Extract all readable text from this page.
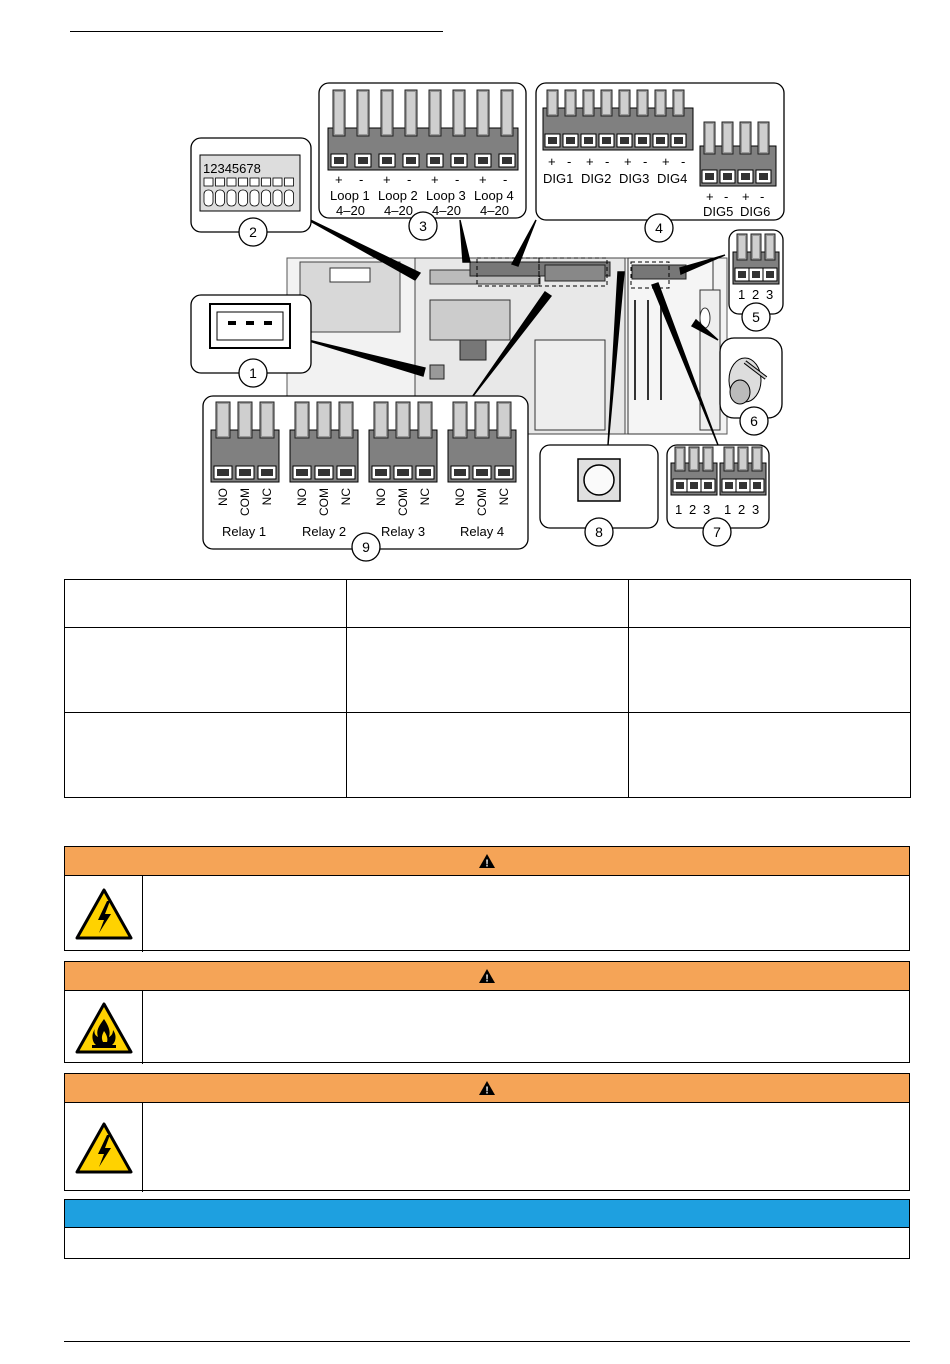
12345678
+ - + - + - + -
Loop 1 Loop 2 Loop 3 Loop 4
4–20 4–20 4–20 4–20
+ - + - + - + -
DIG1 DIG2 DIG3 DIG4
+ - + -
DIG5 DIG6
1 2 3
1 2 3 1 2 3
NO COM NC NO COM NC NO COM NC NO COM NC
Relay 1	Relay 2	Relay 3	Relay 4
1
2	3	4
5
6
7
8
9

!
!
!
